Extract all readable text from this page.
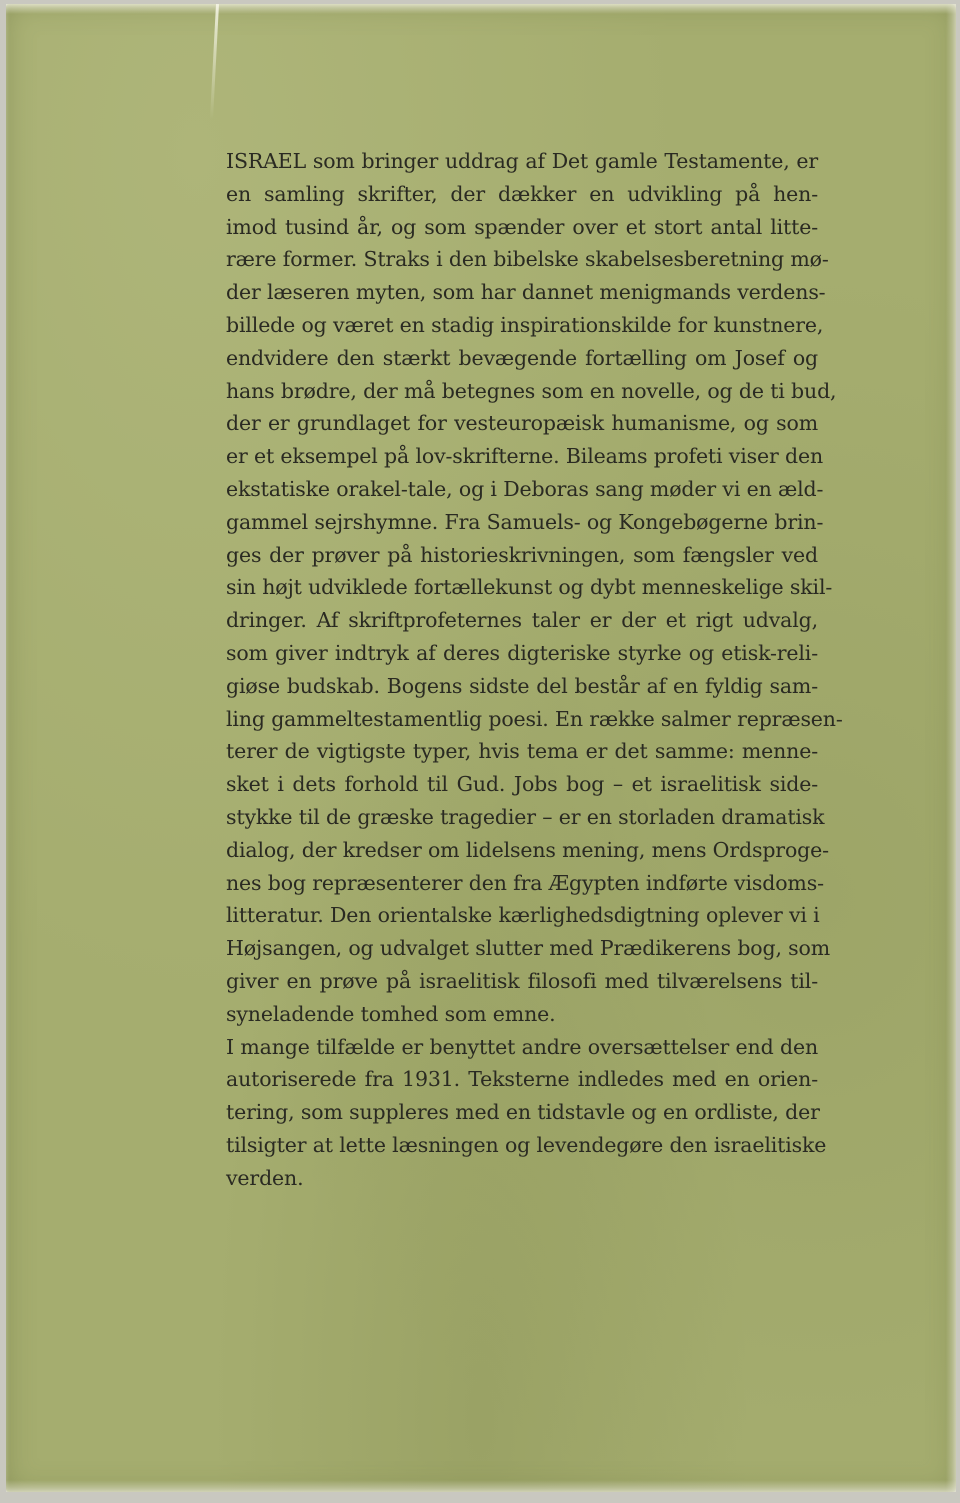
ISRAEL som bringer uddrag af Det gamle Testamente, er
en samling skrifter, der dækker en udvikling på hen-
imod tusind år, og som spænder over et stort antal litte-
rære former. Straks i den bibelske skabelsesberetning mø-
der læseren myten, som har dannet menigmands verdens-
billede og været en stadig inspirationskilde for kunstnere,
endvidere den stærkt bevægende fortælling om Josef og
hans brødre, der må betegnes som en novelle, og de ti bud,
der er grundlaget for vesteuropæisk humanisme, og som
er et eksempel på lov-skrifterne. Bileams profeti viser den
ekstatiske orakel-tale, og i Deboras sang møder vi en æld-
gammel sejrshymne. Fra Samuels- og Kongebøgerne brin-
ges der prøver på historieskrivningen, som fængsler ved
sin højt udviklede fortællekunst og dybt menneskelige skil-
dringer. Af skriftprofeternes taler er der et rigt udvalg,
som giver indtryk af deres digteriske styrke og etisk-reli-
giøse budskab. Bogens sidste del består af en fyldig sam-
ling gammeltestamentlig poesi. En række salmer repræsen-
terer de vigtigste typer, hvis tema er det samme: menne-
sket i dets forhold til Gud. Jobs bog – et israelitisk side-
stykke til de græske tragedier – er en storladen dramatisk
dialog, der kredser om lidelsens mening, mens Ordsproge-
nes bog repræsenterer den fra Ægypten indførte visdoms-
litteratur. Den orientalske kærlighedsdigtning oplever vi i
Højsangen, og udvalget slutter med Prædikerens bog, som
giver en prøve på israelitisk filosofi med tilværelsens til-
syneladende tomhed som emne.
I mange tilfælde er benyttet andre oversættelser end den
autoriserede fra 1931. Teksterne indledes med en orien-
tering, som suppleres med en tidstavle og en ordliste, der
tilsigter at lette læsningen og levendegøre den israelitiske
verden.
